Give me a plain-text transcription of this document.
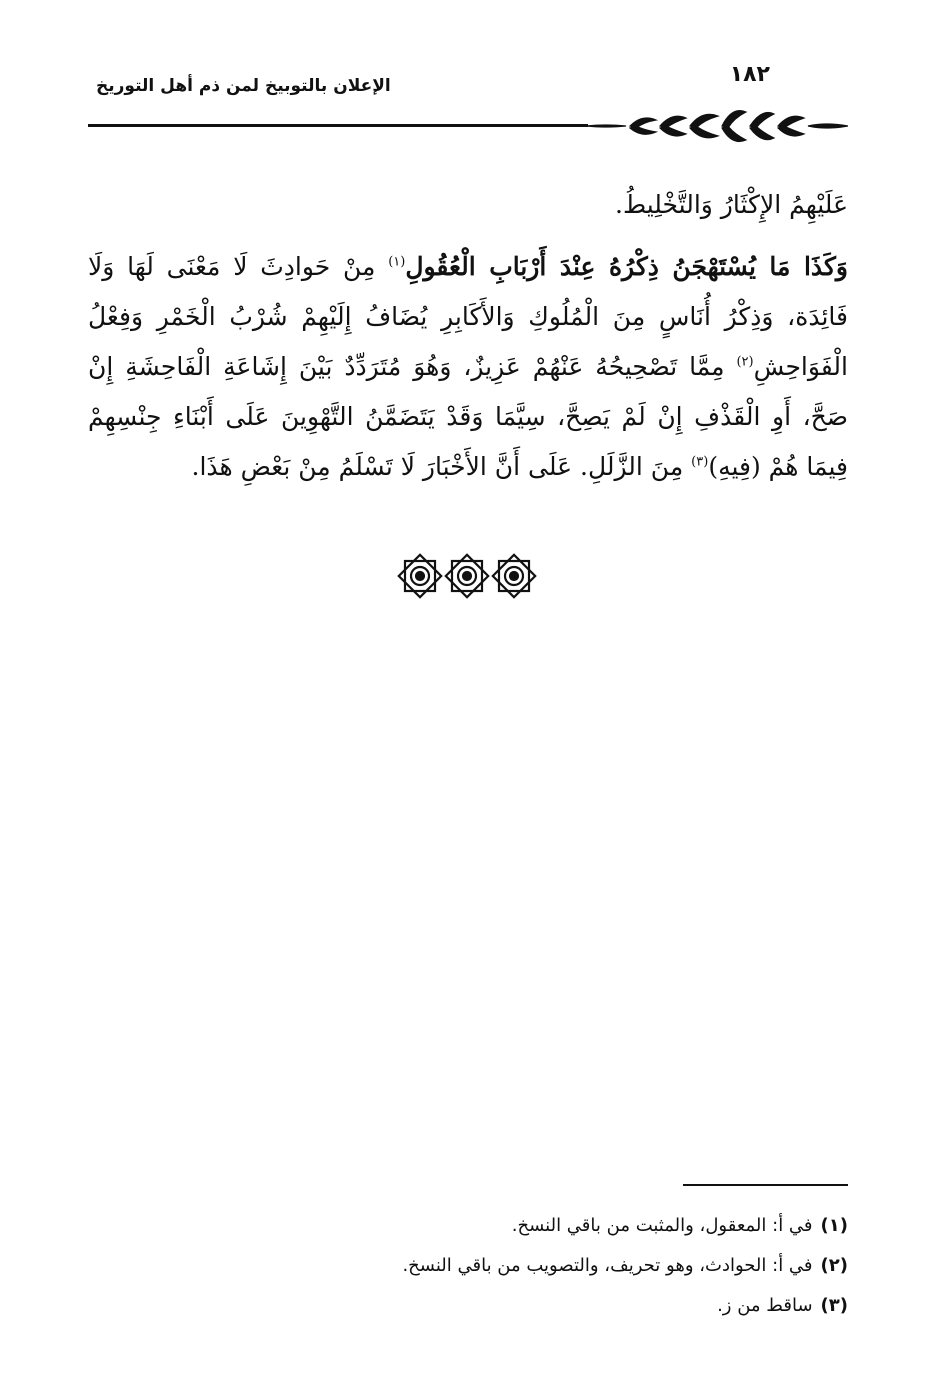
الإعلان بالتوبيخ لمن ذم أهل التوريخ	١٨٢

عَلَيْهِمُ الإِكْثَارُ وَالتَّخْلِيطُ.

وَكَذَا مَا يُسْتَهْجَنُ ذِكْرُهُ عِنْدَ أَرْبَابِ الْعُقُولِ$^{(١)}$ مِنْ حَوادِثَ لَا مَعْنَى لَهَا وَلَا فَائِدَة، وَذِكْرُ أُنَاسٍ مِنَ الْمُلُوكِ وَالأَكَابِرِ يُضَافُ إِلَيْهِمْ شُرْبُ الْخَمْرِ وَفِعْلُ الْفَوَاحِشِ$^{(٢)}$ مِمَّا تَصْحِيحُهُ عَنْهُمْ عَزِيزٌ، وَهُوَ مُتَرَدِّدٌ بَيْنَ إِشَاعَةِ الْفَاحِشَةِ إِنْ صَحَّ، أَوِ الْقَذْفِ إِنْ لَمْ يَصِحَّ، سِيَّمَا وَقَدْ يَتَضَمَّنُ التَّهْوِينَ عَلَى أَبْنَاءِ جِنْسِهِمْ فِيمَا هُمْ (فِيهِ)$^{(٣)}$ مِنَ الزَّلَلِ. عَلَى أَنَّ الأَخْبَارَ لَا تَسْلَمُ مِنْ بَعْضِ هَذَا.

(١)في أ: المعقول، والمثبت من باقي النسخ.

(٢)في أ: الحوادث، وهو تحريف، والتصويب من باقي النسخ.

(٣)ساقط من ز.
